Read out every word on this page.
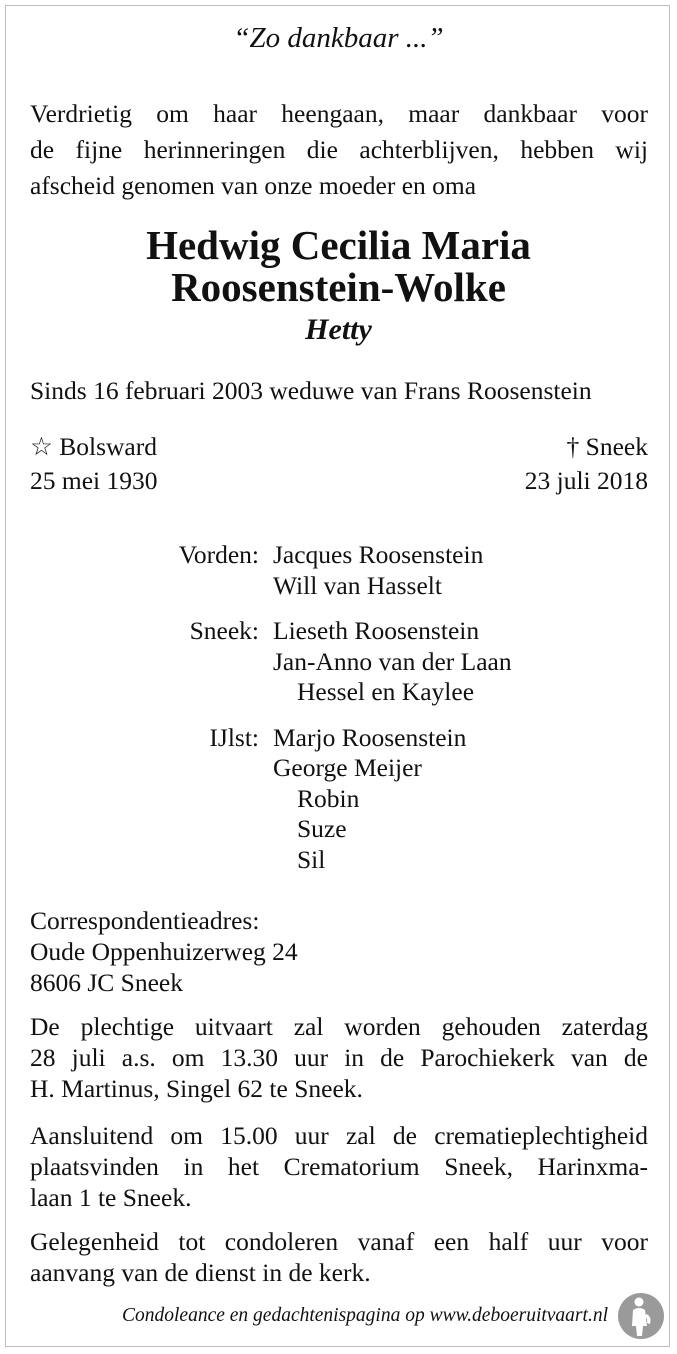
“Zo dankbaar ...”
Verdrietig om haar heengaan, maar dankbaar voor
de fijne herinneringen die achterblijven, hebben wij
afscheid genomen van onze moeder en oma
Hedwig Cecilia Maria
Roosenstein-Wolke
Hetty
Sinds 16 februari 2003 weduwe van Frans Roosenstein
☆ Bolsward
25 mei 1930
† Sneek
23 juli 2018
Vorden: Jacques Roosenstein
Will van Hasselt
Sneek: Lieseth Roosenstein
Jan-Anno van der Laan
Hessel en Kaylee
IJlst: Marjo Roosenstein
George Meijer
Robin
Suze
Sil
Correspondentieadres:
Oude Oppenhuizerweg 24
8606 JC Sneek
De plechtige uitvaart zal worden gehouden zaterdag
28 juli a.s. om 13.30 uur in de Parochiekerk van de
H. Martinus, Singel 62 te Sneek.
Aansluitend om 15.00 uur zal de crematieplechtigheid
plaatsvinden in het Crematorium Sneek, Harinxma-
laan 1 te Sneek.
Gelegenheid tot condoleren vanaf een half uur voor
aanvang van de dienst in de kerk.
Condoleance en gedachtenispagina op www.deboeruitvaart.nl
